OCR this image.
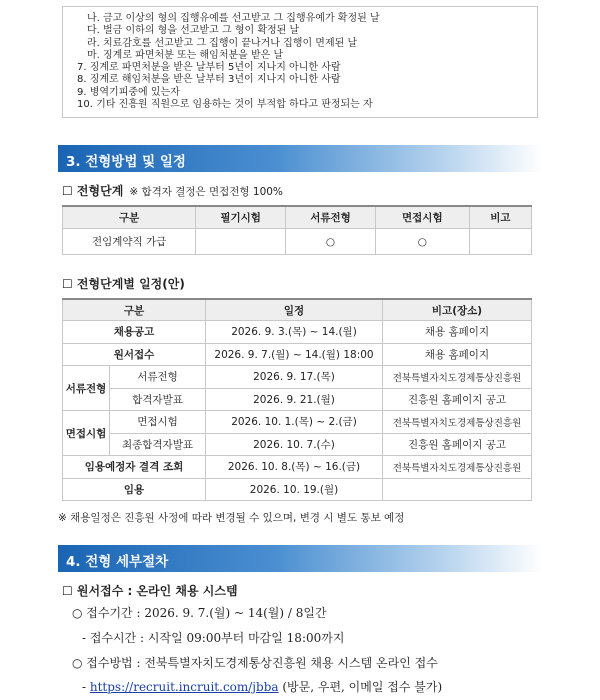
나. 금고 이상의 형의 집행유예를 선고받고 그 집행유예가 확정된 날
다. 벌금 이하의 형을 선고받고 그 형이 확정된 날
라. 치료감호를 선고받고 그 집행이 끝나거나 집행이 면제된 날
마. 징계로 파면처분 또는 해임처분을 받은 날
7. 징계로 파면처분을 받은 날부터 5년이 지나지 아니한 사람
8. 징계로 해임처분을 받은 날부터 3년이 지나지 아니한 사람
9. 병역기피중에 있는자
10. 기타 진흥원 직원으로 임용하는 것이 부적합 하다고 판정되는 자
3. 전형방법 및 일정
☐ 전형단계 ※ 합격자 결정은 면접전형 100%
구분	필기시험	서류전형	면접시험	비고
전임계약직 가급		○	○	
☐ 전형단계별 일정(안)
구분		일정	비고(장소)
채용공고		2026. 9. 3.(목) ~ 14.(월)	채용 홈페이지
원서접수		2026. 9. 7.(월) ~ 14.(월) 18:00	채용 홈페이지
서류전형	서류전형	2026. 9. 17.(목)	전북특별자치도경제통상진흥원
	합격자발표	2026. 9. 21.(월)	진흥원 홈페이지 공고
면접시험	면접시험	2026. 10. 1.(목) ~ 2.(금)	전북특별자치도경제통상진흥원
	최종합격자발표	2026. 10. 7.(수)	진흥원 홈페이지 공고
임용예정자 결격 조회		2026. 10. 8.(목) ~ 16.(금)	전북특별자치도경제통상진흥원
임용		2026. 10. 19.(월)	
※ 채용일정은 진흥원 사정에 따라 변경될 수 있으며, 변경 시 별도 통보 예정
4. 전형 세부절차
☐ 원서접수 : 온라인 채용 시스템
○ 접수기간 : 2026. 9. 7.(월) ~ 14(월) / 8일간
- 접수시간 : 시작일 09:00부터 마감일 18:00까지
○ 접수방법 : 전북특별자치도경제통상진흥원 채용 시스템 온라인 접수
- https://recruit.incruit.com/jbba (방문, 우편, 이메일 접수 불가)
